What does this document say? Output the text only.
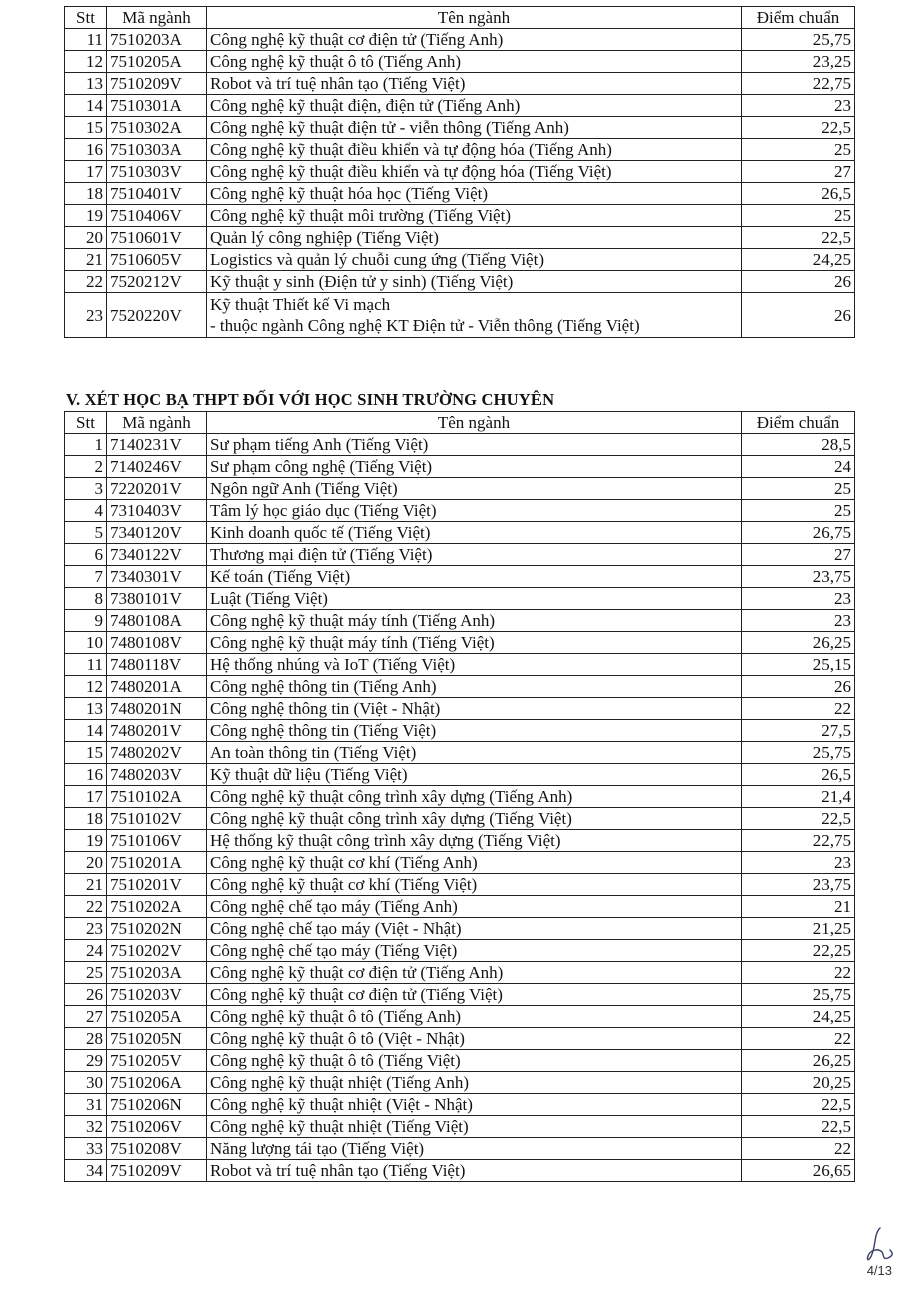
Stt	Mã ngành	Tên ngành	Điểm chuẩn
11	7510203A	Công nghệ kỹ thuật cơ điện tử (Tiếng Anh)	25,75
12	7510205A	Công nghệ kỹ thuật ô tô (Tiếng Anh)	23,25
13	7510209V	Robot và trí tuệ nhân tạo (Tiếng Việt)	22,75
14	7510301A	Công nghệ kỹ thuật điện, điện tử (Tiếng Anh)	23
15	7510302A	Công nghệ kỹ thuật điện tử - viễn thông (Tiếng Anh)	22,5
16	7510303A	Công nghệ kỹ thuật điều khiển và tự động hóa (Tiếng Anh)	25
17	7510303V	Công nghệ kỹ thuật điều khiển và tự động hóa (Tiếng Việt)	27
18	7510401V	Công nghệ kỹ thuật hóa học (Tiếng Việt)	26,5
19	7510406V	Công nghệ kỹ thuật môi trường (Tiếng Việt)	25
20	7510601V	Quản lý công nghiệp (Tiếng Việt)	22,5
21	7510605V	Logistics và quản lý chuỗi cung ứng (Tiếng Việt)	24,25
22	7520212V	Kỹ thuật y sinh (Điện tử y sinh) (Tiếng Việt)	26
23	7520220V	Kỹ thuật Thiết kế Vi mạch
- thuộc ngành Công nghệ KT Điện tử - Viễn thông (Tiếng Việt)	26
V. XÉT HỌC BẠ THPT ĐỐI VỚI HỌC SINH TRƯỜNG CHUYÊN
Stt	Mã ngành	Tên ngành	Điểm chuẩn
1	7140231V	Sư phạm tiếng Anh (Tiếng Việt)	28,5
2	7140246V	Sư phạm công nghệ (Tiếng Việt)	24
3	7220201V	Ngôn ngữ Anh (Tiếng Việt)	25
4	7310403V	Tâm lý học giáo dục (Tiếng Việt)	25
5	7340120V	Kinh doanh quốc tế (Tiếng Việt)	26,75
6	7340122V	Thương mại điện tử (Tiếng Việt)	27
7	7340301V	Kế toán (Tiếng Việt)	23,75
8	7380101V	Luật (Tiếng Việt)	23
9	7480108A	Công nghệ kỹ thuật máy tính (Tiếng Anh)	23
10	7480108V	Công nghệ kỹ thuật máy tính (Tiếng Việt)	26,25
11	7480118V	Hệ thống nhúng và IoT (Tiếng Việt)	25,15
12	7480201A	Công nghệ thông tin (Tiếng Anh)	26
13	7480201N	Công nghệ thông tin (Việt - Nhật)	22
14	7480201V	Công nghệ thông tin (Tiếng Việt)	27,5
15	7480202V	An toàn thông tin (Tiếng Việt)	25,75
16	7480203V	Kỹ thuật dữ liệu (Tiếng Việt)	26,5
17	7510102A	Công nghệ kỹ thuật công trình xây dựng (Tiếng Anh)	21,4
18	7510102V	Công nghệ kỹ thuật công trình xây dựng (Tiếng Việt)	22,5
19	7510106V	Hệ thống kỹ thuật công trình xây dựng (Tiếng Việt)	22,75
20	7510201A	Công nghệ kỹ thuật cơ khí (Tiếng Anh)	23
21	7510201V	Công nghệ kỹ thuật cơ khí (Tiếng Việt)	23,75
22	7510202A	Công nghệ chế tạo máy (Tiếng Anh)	21
23	7510202N	Công nghệ chế tạo máy (Việt - Nhật)	21,25
24	7510202V	Công nghệ chế tạo máy (Tiếng Việt)	22,25
25	7510203A	Công nghệ kỹ thuật cơ điện tử (Tiếng Anh)	22
26	7510203V	Công nghệ kỹ thuật cơ điện tử (Tiếng Việt)	25,75
27	7510205A	Công nghệ kỹ thuật ô tô (Tiếng Anh)	24,25
28	7510205N	Công nghệ kỹ thuật ô tô (Việt - Nhật)	22
29	7510205V	Công nghệ kỹ thuật ô tô (Tiếng Việt)	26,25
30	7510206A	Công nghệ kỹ thuật nhiệt (Tiếng Anh)	20,25
31	7510206N	Công nghệ kỹ thuật nhiệt (Việt - Nhật)	22,5
32	7510206V	Công nghệ kỹ thuật nhiệt (Tiếng Việt)	22,5
33	7510208V	Năng lượng tái tạo (Tiếng Việt)	22
34	7510209V	Robot và trí tuệ nhân tạo (Tiếng Việt)	26,65
4/13
